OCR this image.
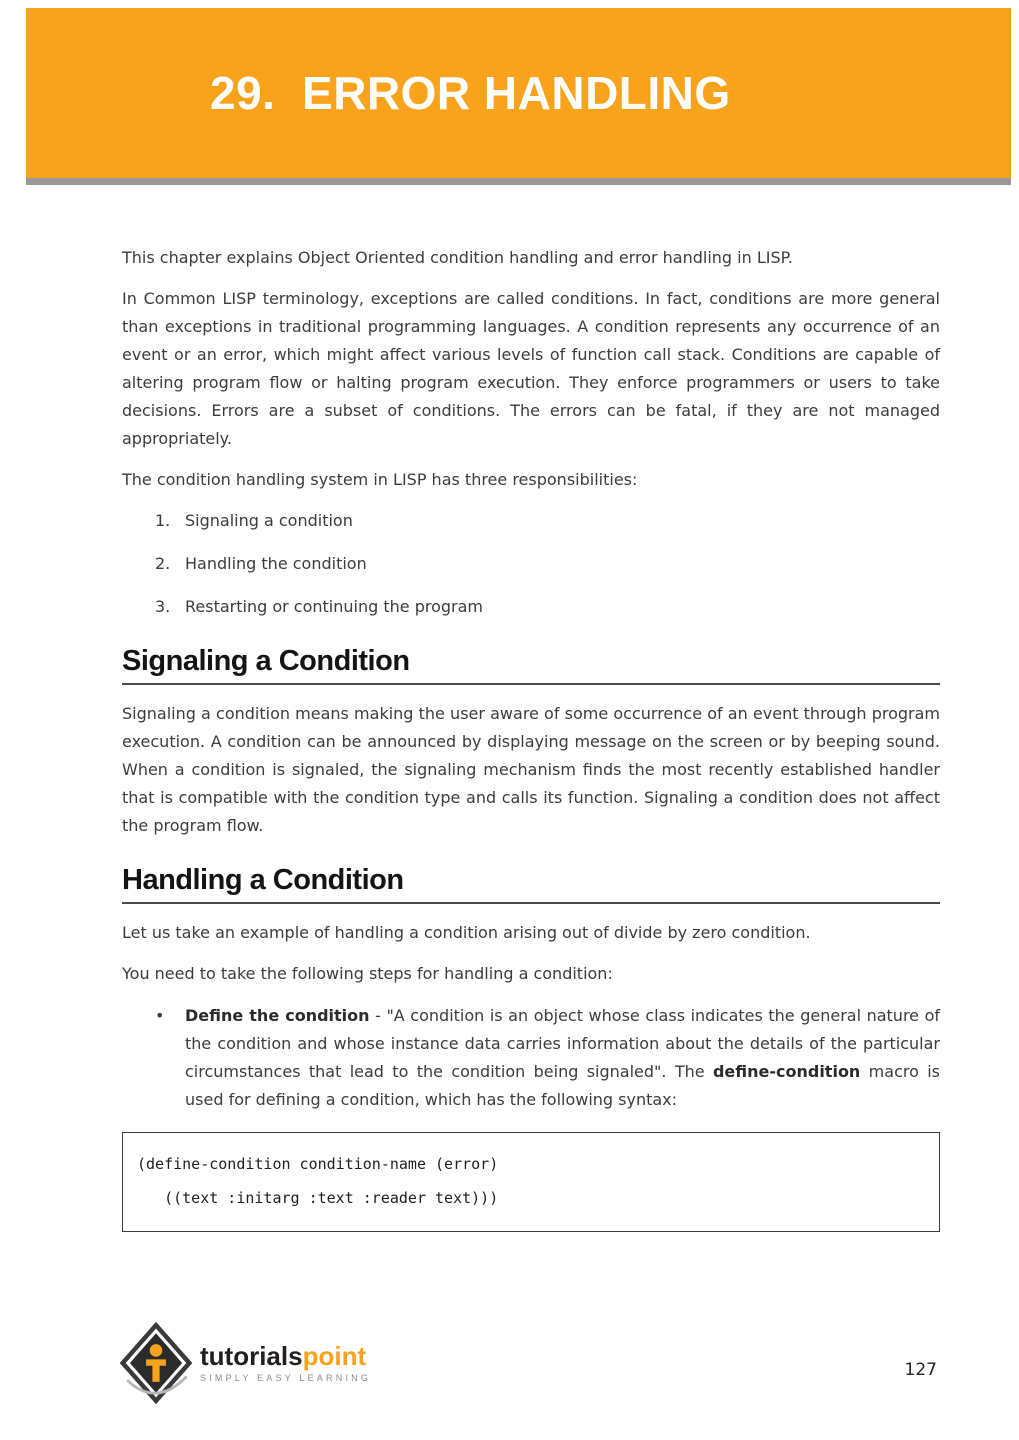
29.  ERROR HANDLING

This chapter explains Object Oriented condition handling and error handling in LISP.

In Common LISP terminology, exceptions are called conditions. In fact, conditions are more general than exceptions in traditional programming languages. A condition represents any occurrence of an event or an error, which might affect various levels of function call stack. Conditions are capable of altering program flow or halting program execution. They enforce programmers or users to take decisions. Errors are a subset of conditions. The errors can be fatal, if they are not managed appropriately.

The condition handling system in LISP has three responsibilities:

1. Signaling a condition
2. Handling the condition
3. Restarting or continuing the program
Signaling a Condition

Signaling a condition means making the user aware of some occurrence of an event through program execution. A condition can be announced by displaying message on the screen or by beeping sound. When a condition is signaled, the signaling mechanism finds the most recently established handler that is compatible with the condition type and calls its function. Signaling a condition does not affect the program flow.

Handling a Condition

Let us take an example of handling a condition arising out of divide by zero condition.

You need to take the following steps for handling a condition:

•	Define the condition - "A condition is an object whose class indicates the general nature of the condition and whose instance data carries information about the details of the particular circumstances that lead to the condition being signaled". The define-condition macro is used for defining a condition, which has the following syntax:
(define-condition condition-name (error)
((text :initarg :text :reader text)))
tutorialspoint
SIMPLY EASY LEARNING	127
